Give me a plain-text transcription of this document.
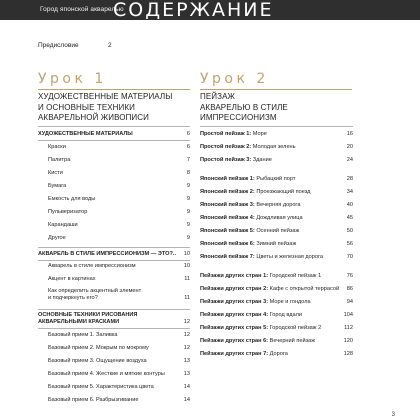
Город японской акварелью
СОДЕРЖАНИЕ
Предисловие	2
Урок 1
ХУДОЖЕСТВЕННЫЕ МАТЕРИАЛЫ
И ОСНОВНЫЕ ТЕХНИКИ
АКВАРЕЛЬНОЙ ЖИВОПИСИ
ХУДОЖЕСТВЕННЫЕ МАТЕРИАЛЫ	6
Краски	6
Палитра	7
Кисти	8
Бумага	9
Емкость для воды	9
Пульверизатор	9
Карандаши	9
Другое	9
АКВАРЕЛЬ В СТИЛЕ ИМПРЕССИОНИЗМ — ЭТО?.. 10
Акварель в стиле импрессионизм	10
Акцент в картинах	11
Как определить акцентный элемент
и подчеркнуть его?	11
ОСНОВНЫЕ ТЕХНИКИ РИСОВАНИЯ
АКВАРЕЛЬНЫМИ КРАСКАМИ	12
Базовый прием 1. Заливка	12
Базовый прием 2. Мокрым по мокрому	12
Базовый прием 3. Ощущение воздуха	13
Базовый прием 4. Жесткие и мягкие контуры	13
Базовый прием 5. Характеристика цвета	14
Базовый прием 6. Разбрызгивание	14
Урок 2
ПЕЙЗАЖ
АКВАРЕЛЬЮ В СТИЛЕ
ИМПРЕССИОНИЗМ
Простой пейзаж 1: Море	16
Простой пейзаж 2: Молодая зелень	20
Простой пейзаж 3: Здание	24
Японский пейзаж 1: Рыбацкий порт	28
Японский пейзаж 2: Проезжающий поезд	34
Японский пейзаж 3: Вечерняя дорога	40
Японский пейзаж 4: Дождливая улица	45
Японский пейзаж 5: Осенний пейзаж	50
Японский пейзаж 6: Зимний пейзаж	56
Японский пейзаж 7: Цветы и железная дорога	70
Пейзажи других стран 1: Городской пейзаж 1	76
Пейзажи других стран 2: Кафе с открытой террасой 86
Пейзажи других стран 3: Море и гондола	94
Пейзажи других стран 4: Город вдали	104
Пейзажи других стран 5: Городской пейзаж 2	112
Пейзажи других стран 6: Вечерний пейзаж	120
Пейзажи других стран 7: Дорога	128
3
